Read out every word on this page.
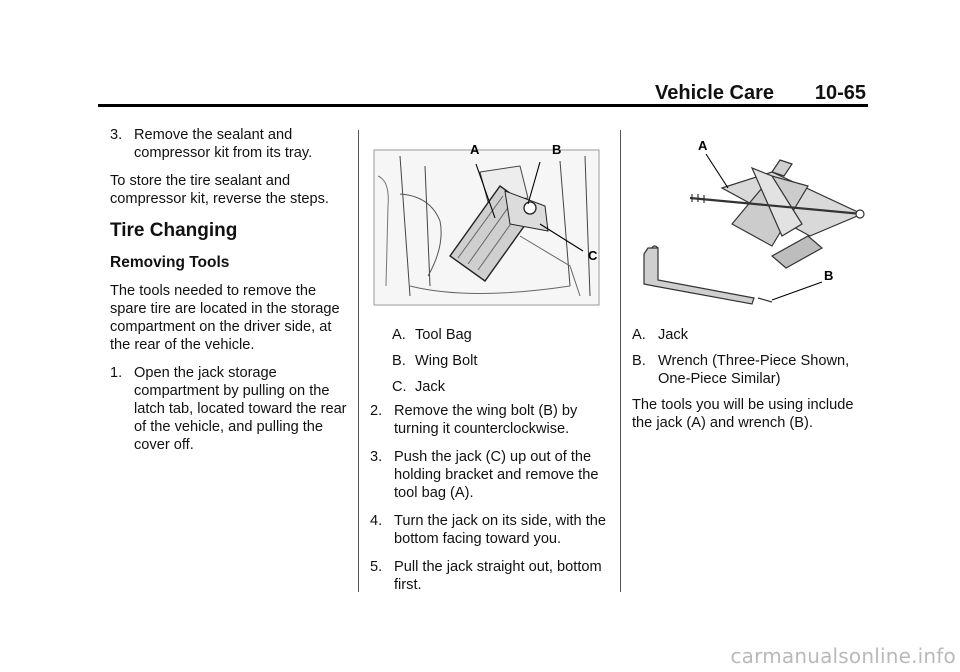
Vehicle Care 10-65
3. Remove the sealant and compressor kit from its tray.

To store the tire sealant and compressor kit, reverse the steps.

Tire Changing
Removing Tools

The tools needed to remove the spare tire are located in the storage compartment on the driver side, at the rear of the vehicle.

1. Open the jack storage compartment by pulling on the latch tab, located toward the rear of the vehicle, and pulling the cover off.
A	B
C
A. Tool Bag
B. Wing Bolt
C. Jack
2. Remove the wing bolt (B) by turning it counterclockwise.
3. Push the jack (C) up out of the holding bracket and remove the tool bag (A).
4. Turn the jack on its side, with the bottom facing toward you.
5. Pull the jack straight out, bottom first.
A
B
A. Jack
B. Wrench (Three-Piece Shown, One-Piece Similar)

The tools you will be using include the jack (A) and wrench (B).

carmanualsonline.info
